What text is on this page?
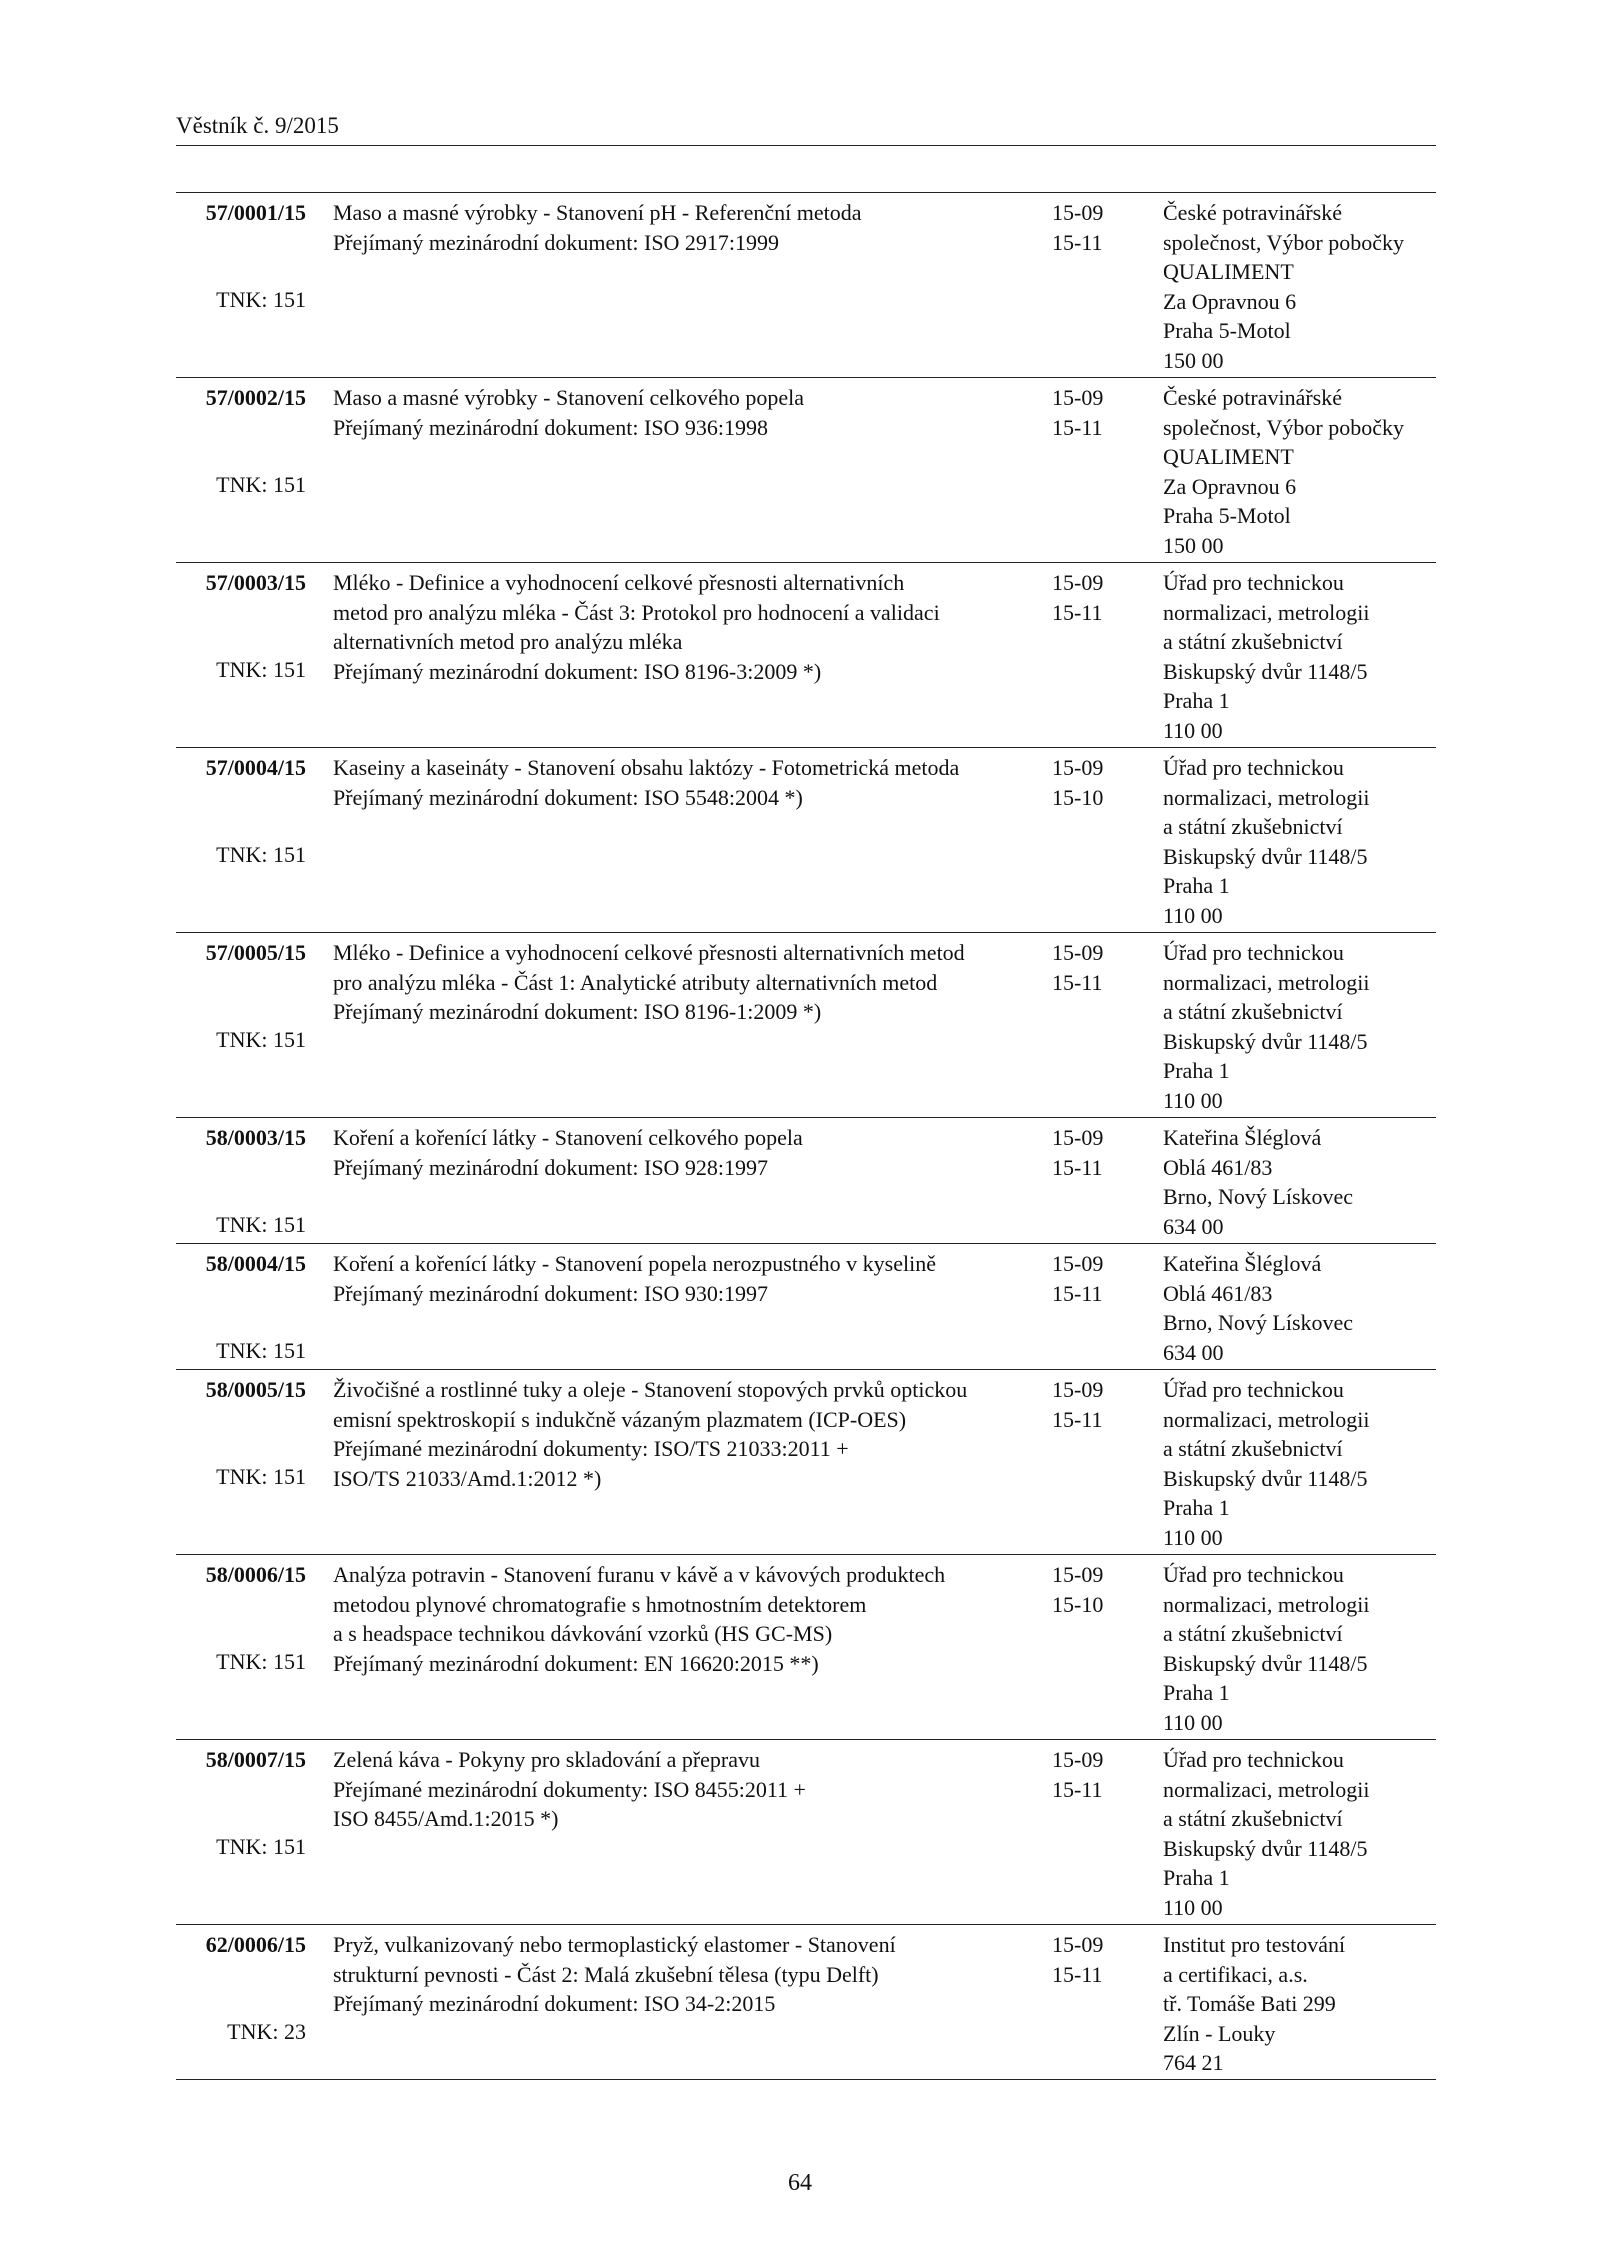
Věstník č. 9/2015
57/0001/15
TNK: 151
Maso a masné výrobky - Stanovení pH - Referenční metoda
Přejímaný mezinárodní dokument: ISO 2917:1999
15-09
15-11
České potravinářské
společnost, Výbor pobočky
QUALIMENT
Za Opravnou 6
Praha 5-Motol
150 00
57/0002/15
TNK: 151
Maso a masné výrobky - Stanovení celkového popela
Přejímaný mezinárodní dokument: ISO 936:1998
15-09
15-11
České potravinářské
společnost, Výbor pobočky
QUALIMENT
Za Opravnou 6
Praha 5-Motol
150 00
57/0003/15
TNK: 151
Mléko - Definice a vyhodnocení celkové přesnosti alternativních
metod pro analýzu mléka - Část 3: Protokol pro hodnocení a validaci
alternativních metod pro analýzu mléka
Přejímaný mezinárodní dokument: ISO 8196-3:2009 *)
15-09
15-11
Úřad pro technickou
normalizaci, metrologii
a státní zkušebnictví
Biskupský dvůr 1148/5
Praha 1
110 00
57/0004/15
TNK: 151
Kaseiny a kaseináty - Stanovení obsahu laktózy - Fotometrická metoda
Přejímaný mezinárodní dokument: ISO 5548:2004 *)
15-09
15-10
Úřad pro technickou
normalizaci, metrologii
a státní zkušebnictví
Biskupský dvůr 1148/5
Praha 1
110 00
57/0005/15
TNK: 151
Mléko - Definice a vyhodnocení celkové přesnosti alternativních metod
pro analýzu mléka - Část 1: Analytické atributy alternativních metod
Přejímaný mezinárodní dokument: ISO 8196-1:2009 *)
15-09
15-11
Úřad pro technickou
normalizaci, metrologii
a státní zkušebnictví
Biskupský dvůr 1148/5
Praha 1
110 00
58/0003/15
TNK: 151
Koření a kořenící látky - Stanovení celkového popela
Přejímaný mezinárodní dokument: ISO 928:1997
15-09
15-11
Kateřina Šléglová
Oblá 461/83
Brno, Nový Lískovec
634 00
58/0004/15
TNK: 151
Koření a kořenící látky - Stanovení popela nerozpustného v kyselině
Přejímaný mezinárodní dokument: ISO 930:1997
15-09
15-11
Kateřina Šléglová
Oblá 461/83
Brno, Nový Lískovec
634 00
58/0005/15
TNK: 151
Živočišné a rostlinné tuky a oleje - Stanovení stopových prvků optickou
emisní spektroskopií s indukčně vázaným plazmatem (ICP-OES)
Přejímané mezinárodní dokumenty: ISO/TS 21033:2011 +
ISO/TS 21033/Amd.1:2012 *)
15-09
15-11
Úřad pro technickou
normalizaci, metrologii
a státní zkušebnictví
Biskupský dvůr 1148/5
Praha 1
110 00
58/0006/15
TNK: 151
Analýza potravin - Stanovení furanu v kávě a v kávových produktech
metodou plynové chromatografie s hmotnostním detektorem
a s headspace technikou dávkování vzorků (HS GC-MS)
Přejímaný mezinárodní dokument: EN 16620:2015 **)
15-09
15-10
Úřad pro technickou
normalizaci, metrologii
a státní zkušebnictví
Biskupský dvůr 1148/5
Praha 1
110 00
58/0007/15
TNK: 151
Zelená káva - Pokyny pro skladování a přepravu
Přejímané mezinárodní dokumenty: ISO 8455:2011 +
ISO 8455/Amd.1:2015 *)
15-09
15-11
Úřad pro technickou
normalizaci, metrologii
a státní zkušebnictví
Biskupský dvůr 1148/5
Praha 1
110 00
62/0006/15
TNK: 23
Pryž, vulkanizovaný nebo termoplastický elastomer - Stanovení
strukturní pevnosti - Část 2: Malá zkušební tělesa (typu Delft)
Přejímaný mezinárodní dokument: ISO 34-2:2015
15-09
15-11
Institut pro testování
a certifikaci, a.s.
tř. Tomáše Bati 299
Zlín - Louky
764 21
64
